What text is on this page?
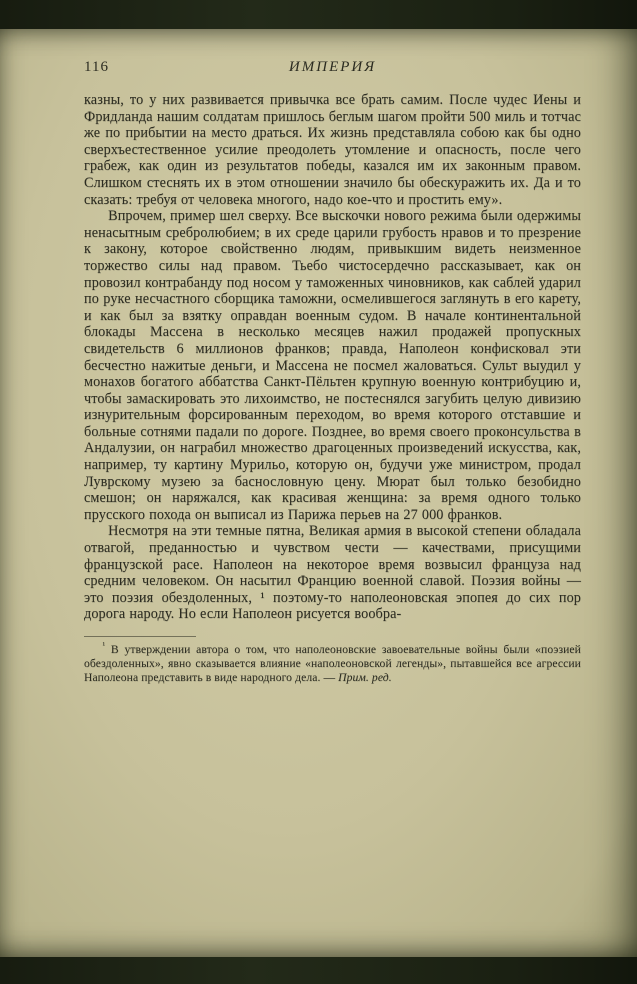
116	ИМПЕРИЯ

казны, то у них развивается привычка все брать самим. После чудес Иены и Фридланда нашим солдатам пришлось беглым шагом пройти 500 миль и тотчас же по прибытии на место драться. Их жизнь представляла собою как бы одно сверхъестественное усилие преодолеть утомление и опасность, после чего грабеж, как один из результатов победы, казался им их законным правом. Слишком стеснять их в этом отношении значило бы обескуражить их. Да и то сказать: требуя от человека многого, надо кое-что и простить ему».

Впрочем, пример шел сверху. Все выскочки нового режима были одержимы ненасытным сребролюбием; в их среде царили грубость нравов и то презрение к закону, которое свойственно людям, привыкшим видеть неизменное торжество силы над правом. Тьебо чистосердечно рассказывает, как он провозил контрабанду под носом у таможенных чиновников, как саблей ударил по руке несчастного сборщика таможни, осмелившегося заглянуть в его карету, и как был за взятку оправдан военным судом. В начале континентальной блокады Массена в несколько месяцев нажил продажей пропускных свидетельств 6 миллионов франков; правда, Наполеон конфисковал эти бесчестно нажитые деньги, и Массена не посмел жаловаться. Сульт выудил у монахов богатого аббатства Санкт-Пёльтен крупную военную контрибуцию и, чтобы замаскировать это лихоимство, не постеснялся загубить целую дивизию изнурительным форсированным переходом, во время которого отставшие и больные сотнями падали по дороге. Позднее, во время своего проконсульства в Андалузии, он награбил множество драгоценных произведений искусства, как, например, ту картину Мурильо, которую он, будучи уже министром, продал Луврскому музею за баснословную цену. Мюрат был только безобидно смешон; он наряжался, как красивая женщина: за время одного только прусского похода он выписал из Парижа перьев на 27 000 франков.

Несмотря на эти темные пятна, Великая армия в высокой степени обладала отвагой, преданностью и чувством чести — качествами, присущими французской расе. Наполеон на некоторое время возвысил француза над средним человеком. Он насытил Францию военной славой. Поэзия войны — это поэзия обездоленных, ¹ поэтому-то наполеоновская эпопея до сих пор дорога народу. Но если Наполеон рисуется вообра-

$^{^1}$ В утверждении автора о том, что наполеоновские завоевательные войны были «поэзией обездоленных», явно сказывается влияние «наполеоновской легенды», пытавшейся все агрессии Наполеона представить в виде народного дела. — Прим. ред.
